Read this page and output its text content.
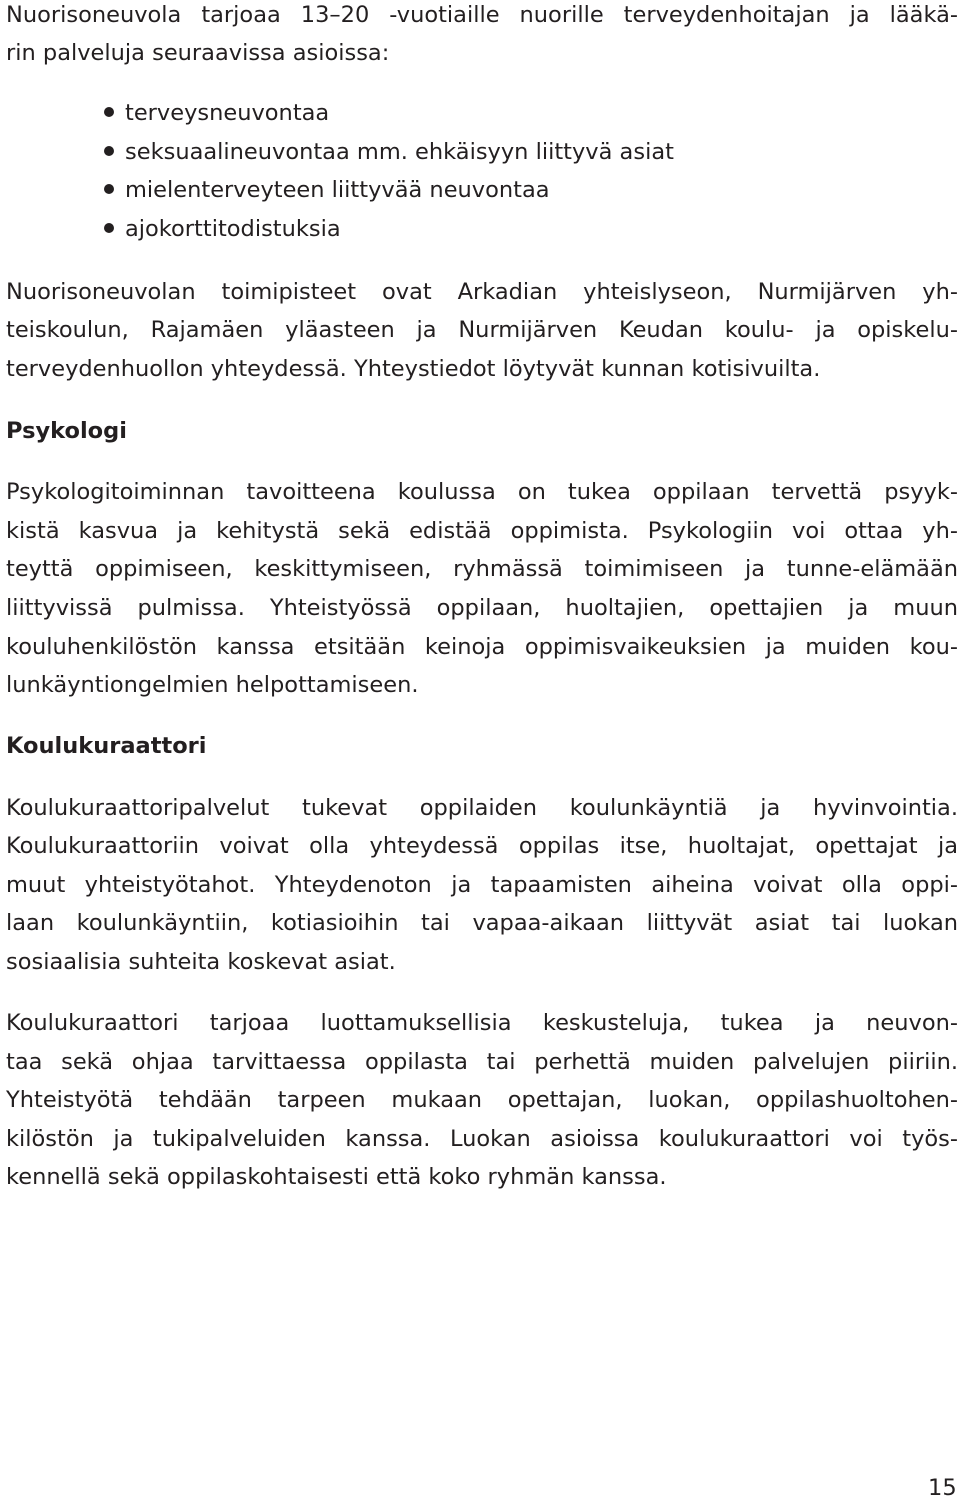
Nuorisoneuvola tarjoaa 13–20 -vuotiaille nuorille terveydenhoitajan ja lääkä-
rin palveluja seuraavissa asioissa:
terveysneuvontaa
seksuaalineuvontaa mm. ehkäisyyn liittyvä asiat
mielenterveyteen liittyvää neuvontaa
ajokorttitodistuksia
Nuorisoneuvolan toimipisteet ovat Arkadian yhteislyseon, Nurmijärven yh-
teiskoulun, Rajamäen yläasteen ja Nurmijärven Keudan koulu- ja opiskelu-
terveydenhuollon yhteydessä. Yhteystiedot löytyvät kunnan kotisivuilta.
Psykologi
Psykologitoiminnan tavoitteena koulussa on tukea oppilaan tervettä psyyk-
kistä kasvua ja kehitystä sekä edistää oppimista. Psykologiin voi ottaa yh-
teyttä oppimiseen, keskittymiseen, ryhmässä toimimiseen ja tunne-elämään
liittyvissä pulmissa. Yhteistyössä oppilaan, huoltajien, opettajien ja muun
kouluhenkilöstön kanssa etsitään keinoja oppimisvaikeuksien ja muiden kou-
lunkäyntiongelmien helpottamiseen.
Koulukuraattori
Koulukuraattoripalvelut tukevat oppilaiden koulunkäyntiä ja hyvinvointia.
Koulukuraattoriin voivat olla yhteydessä oppilas itse, huoltajat, opettajat ja
muut yhteistyötahot. Yhteydenoton ja tapaamisten aiheina voivat olla oppi-
laan koulunkäyntiin, kotiasioihin tai vapaa-aikaan liittyvät asiat tai luokan
sosiaalisia suhteita koskevat asiat.
Koulukuraattori tarjoaa luottamuksellisia keskusteluja, tukea ja neuvon-
taa sekä ohjaa tarvittaessa oppilasta tai perhettä muiden palvelujen piiriin.
Yhteistyötä tehdään tarpeen mukaan opettajan, luokan, oppilashuoltohen-
kilöstön ja tukipalveluiden kanssa. Luokan asioissa koulukuraattori voi työs-
kennellä sekä oppilaskohtaisesti että koko ryhmän kanssa.
15
